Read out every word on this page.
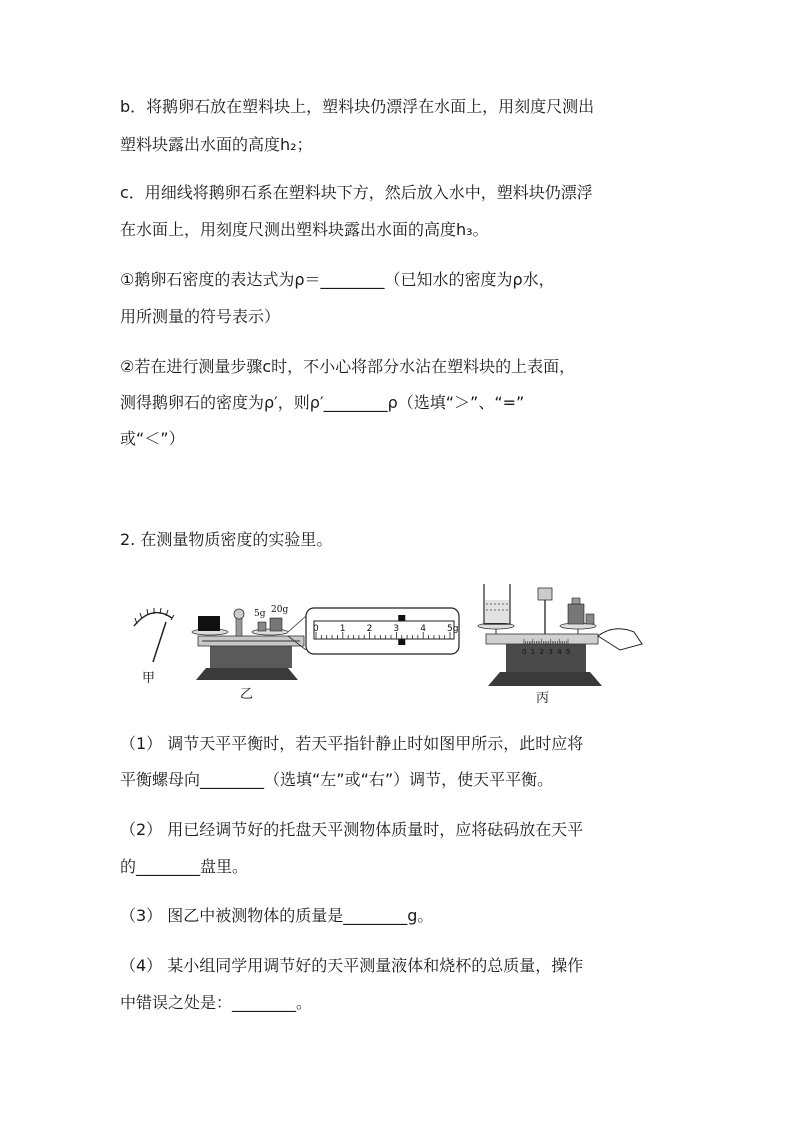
b．将鹅卵石放在塑料块上，塑料块仍漂浮在水面上，用刻度尺测出
塑料块露出水面的高度h₂；
c．用细线将鹅卵石系在塑料块下方，然后放入水中，塑料块仍漂浮
在水面上，用刻度尺测出塑料块露出水面的高度h₃。
①鹅卵石密度的表达式为ρ＝________（已知水的密度为ρ水，
用所测量的符号表示）
②若在进行测量步骤c时，不小心将部分水沾在塑料块的上表面，
测得鹅卵石的密度为ρ′，则ρ′________ρ（选填“＞”、“=”
或“＜”）
2. 在测量物质密度的实验里。
甲
5g 20g
乙
0 1 2 3 4 5g
0 1 2 3 4 5
丙
（1） 调节天平平衡时，若天平指针静止时如图甲所示，此时应将
平衡螺母向________（选填“左”或“右”）调节，使天平平衡。
（2） 用已经调节好的托盘天平测物体质量时，应将砝码放在天平
的________盘里。
（3） 图乙中被测物体的质量是________g。
（4） 某小组同学用调节好的天平测量液体和烧杯的总质量，操作
中错误之处是：________。
